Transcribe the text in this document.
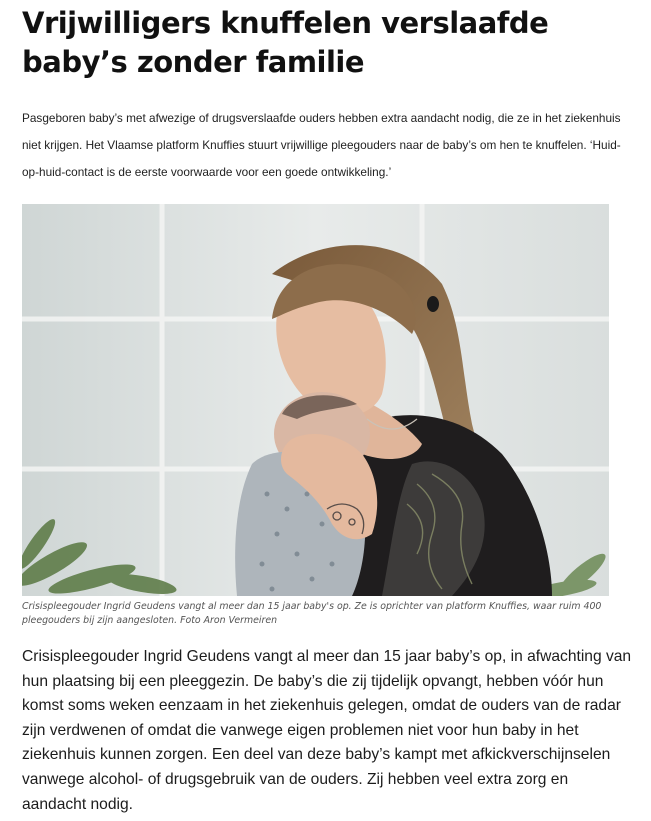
Vrijwilligers knuffelen verslaafde baby’s zonder familie

Pasgeboren baby’s met afwezige of drugsverslaafde ouders hebben extra aandacht nodig, die ze in het ziekenhuis niet krijgen. Het Vlaamse platform Knuffies stuurt vrijwillige pleegouders naar de baby’s om hen te knuffelen. ‘Huid-op-huid-contact is de eerste voorwaarde voor een goede ontwikkeling.’

Crisispleegouder Ingrid Geudens vangt al meer dan 15 jaar baby's op. Ze is oprichter van platform Knuffies, waar ruim 400 pleegouders bij zijn aangesloten. Foto Aron Vermeiren

Crisispleegouder Ingrid Geudens vangt al meer dan 15 jaar baby’s op, in afwachting van hun plaatsing bij een pleeggezin. De baby’s die zij tijdelijk opvangt, hebben vóór hun komst soms weken eenzaam in het ziekenhuis gelegen, omdat de ouders van de radar zijn verdwenen of omdat die vanwege eigen problemen niet voor hun baby in het ziekenhuis kunnen zorgen. Een deel van deze baby’s kampt met afkickverschijnselen vanwege alcohol- of drugsgebruik van de ouders. Zij hebben veel extra zorg en aandacht nodig.
